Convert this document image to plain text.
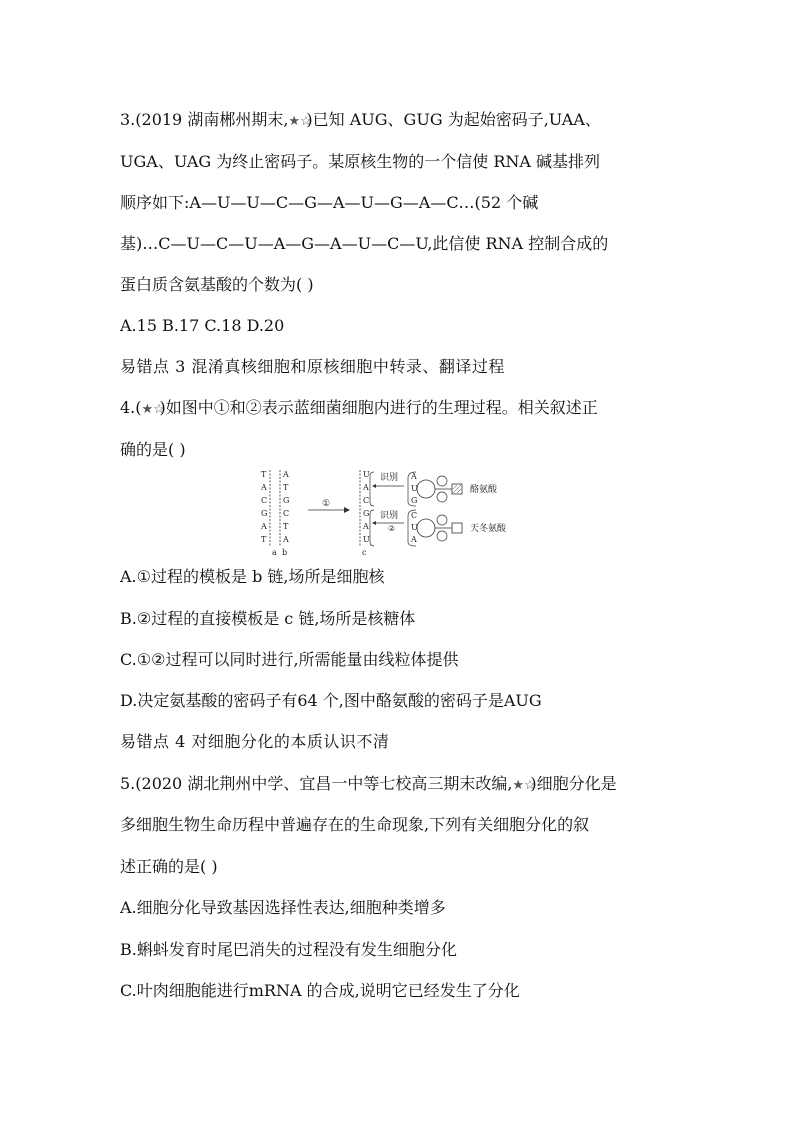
3.(2019 湖南郴州期末,★☆)已知 AUG、GUG 为起始密码子,UAA、
UGA、UAG 为终止密码子。某原核生物的一个信使 RNA 碱基排列
顺序如下:A—U—U—C—G—A—U—G—A—C…(52 个碱
基)…C—U—C—U—A—G—A—U—C—U,此信使 RNA 控制合成的
蛋白质含氨基酸的个数为( )
A.15 B.17 C.18 D.20
易错点 3 混淆真核细胞和原核细胞中转录、翻译过程
4.(★☆)如图中①和②表示蓝细菌细胞内进行的生理过程。相关叙述正
确的是( )
T
A
C
G
A
T
A
T
G
C
T
A
a b
①
U
A
C
G
A
U
c
识别
识别
②
A
U
G
酪氨酸
C
U
A
天冬氨酸
A.①过程的模板是 b 链,场所是细胞核
B.②过程的直接模板是 c 链,场所是核糖体
C.①②过程可以同时进行,所需能量由线粒体提供
D.决定氨基酸的密码子有64 个,图中酪氨酸的密码子是AUG
易错点 4 对细胞分化的本质认识不清
5.(2020 湖北荆州中学、宜昌一中等七校高三期末改编,★☆)细胞分化是
多细胞生物生命历程中普遍存在的生命现象,下列有关细胞分化的叙
述正确的是( )
A.细胞分化导致基因选择性表达,细胞种类增多
B.蝌蚪发育时尾巴消失的过程没有发生细胞分化
C.叶肉细胞能进行mRNA 的合成,说明它已经发生了分化
